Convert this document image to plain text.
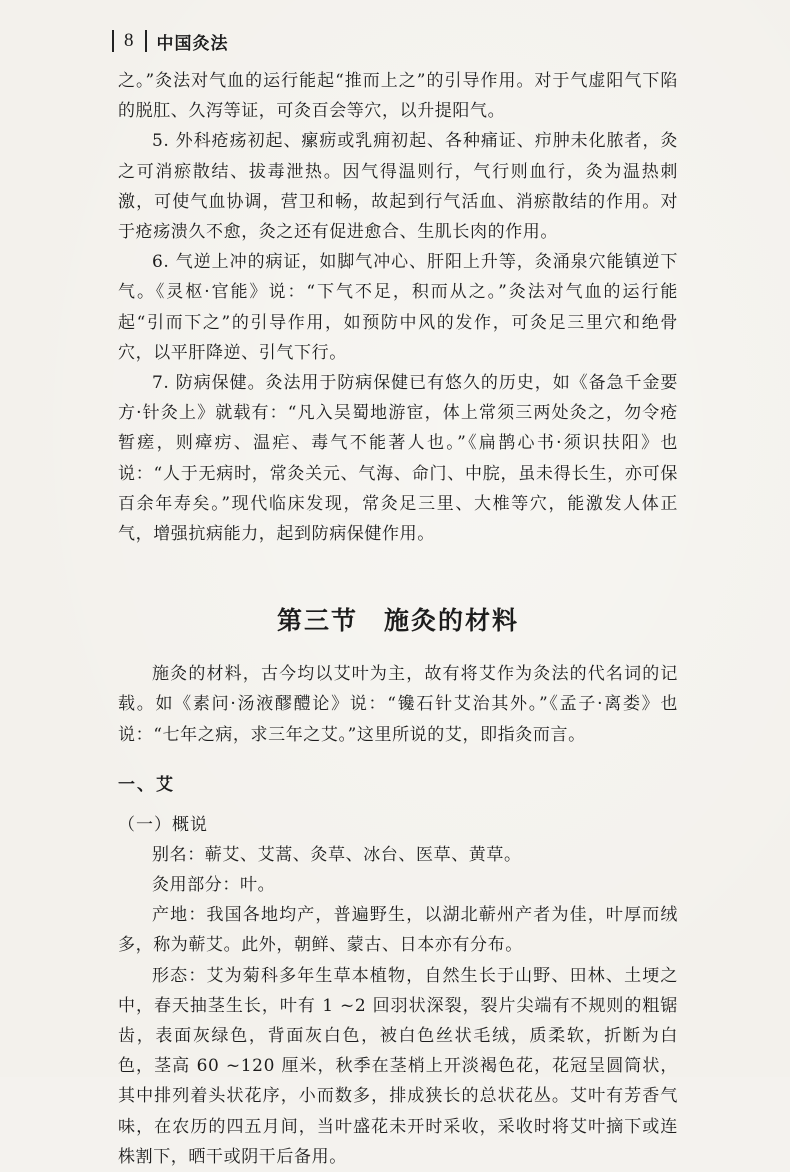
8 中国灸法

之。”灸法对气血的运行能起“推而上之”的引导作用。对于气虚阳气下陷的脱肛、久泻等证，可灸百会等穴，以升提阳气。

5. 外科疮疡初起、瘰疬或乳痈初起、各种痛证、疖肿未化脓者，灸之可消瘀散结、拔毒泄热。因气得温则行，气行则血行，灸为温热刺激，可使气血协调，营卫和畅，故起到行气活血、消瘀散结的作用。对于疮疡溃久不愈，灸之还有促进愈合、生肌长肉的作用。

6. 气逆上冲的病证，如脚气冲心、肝阳上升等，灸涌泉穴能镇逆下气。《灵枢·官能》说：“下气不足，积而从之。”灸法对气血的运行能起“引而下之”的引导作用，如预防中风的发作，可灸足三里穴和绝骨穴，以平肝降逆、引气下行。

7. 防病保健。灸法用于防病保健已有悠久的历史，如《备急千金要方·针灸上》就载有：“凡入吴蜀地游宦，体上常须三两处灸之，勿令疮暂瘥，则瘴疠、温疟、毒气不能著人也。”《扁鹊心书·须识扶阳》也说：“人于无病时，常灸关元、气海、命门、中脘，虽未得长生，亦可保百余年寿矣。”现代临床发现，常灸足三里、大椎等穴，能激发人体正气，增强抗病能力，起到防病保健作用。

第三节 施灸的材料

施灸的材料，古今均以艾叶为主，故有将艾作为灸法的代名词的记载。如《素问·汤液醪醴论》说：“镵石针艾治其外。”《孟子·离娄》也说：“七年之病，求三年之艾。”这里所说的艾，即指灸而言。

一、艾
（一）概说

别名：蕲艾、艾蒿、灸草、冰台、医草、黄草。

灸用部分：叶。

产地：我国各地均产，普遍野生，以湖北蕲州产者为佳，叶厚而绒多，称为蕲艾。此外，朝鲜、蒙古、日本亦有分布。

形态：艾为菊科多年生草本植物，自然生长于山野、田林、土埂之中，春天抽茎生长，叶有 1 ~2 回羽状深裂，裂片尖端有不规则的粗锯齿，表面灰绿色，背面灰白色，被白色丝状毛绒，质柔软，折断为白色，茎高 60 ~120 厘米，秋季在茎梢上开淡褐色花，花冠呈圆筒状，其中排列着头状花序，小而数多，排成狭长的总状花丛。艾叶有芳香气味，在农历的四五月间，当叶盛花未开时采收，采收时将艾叶摘下或连株割下，晒干或阴干后备用。
